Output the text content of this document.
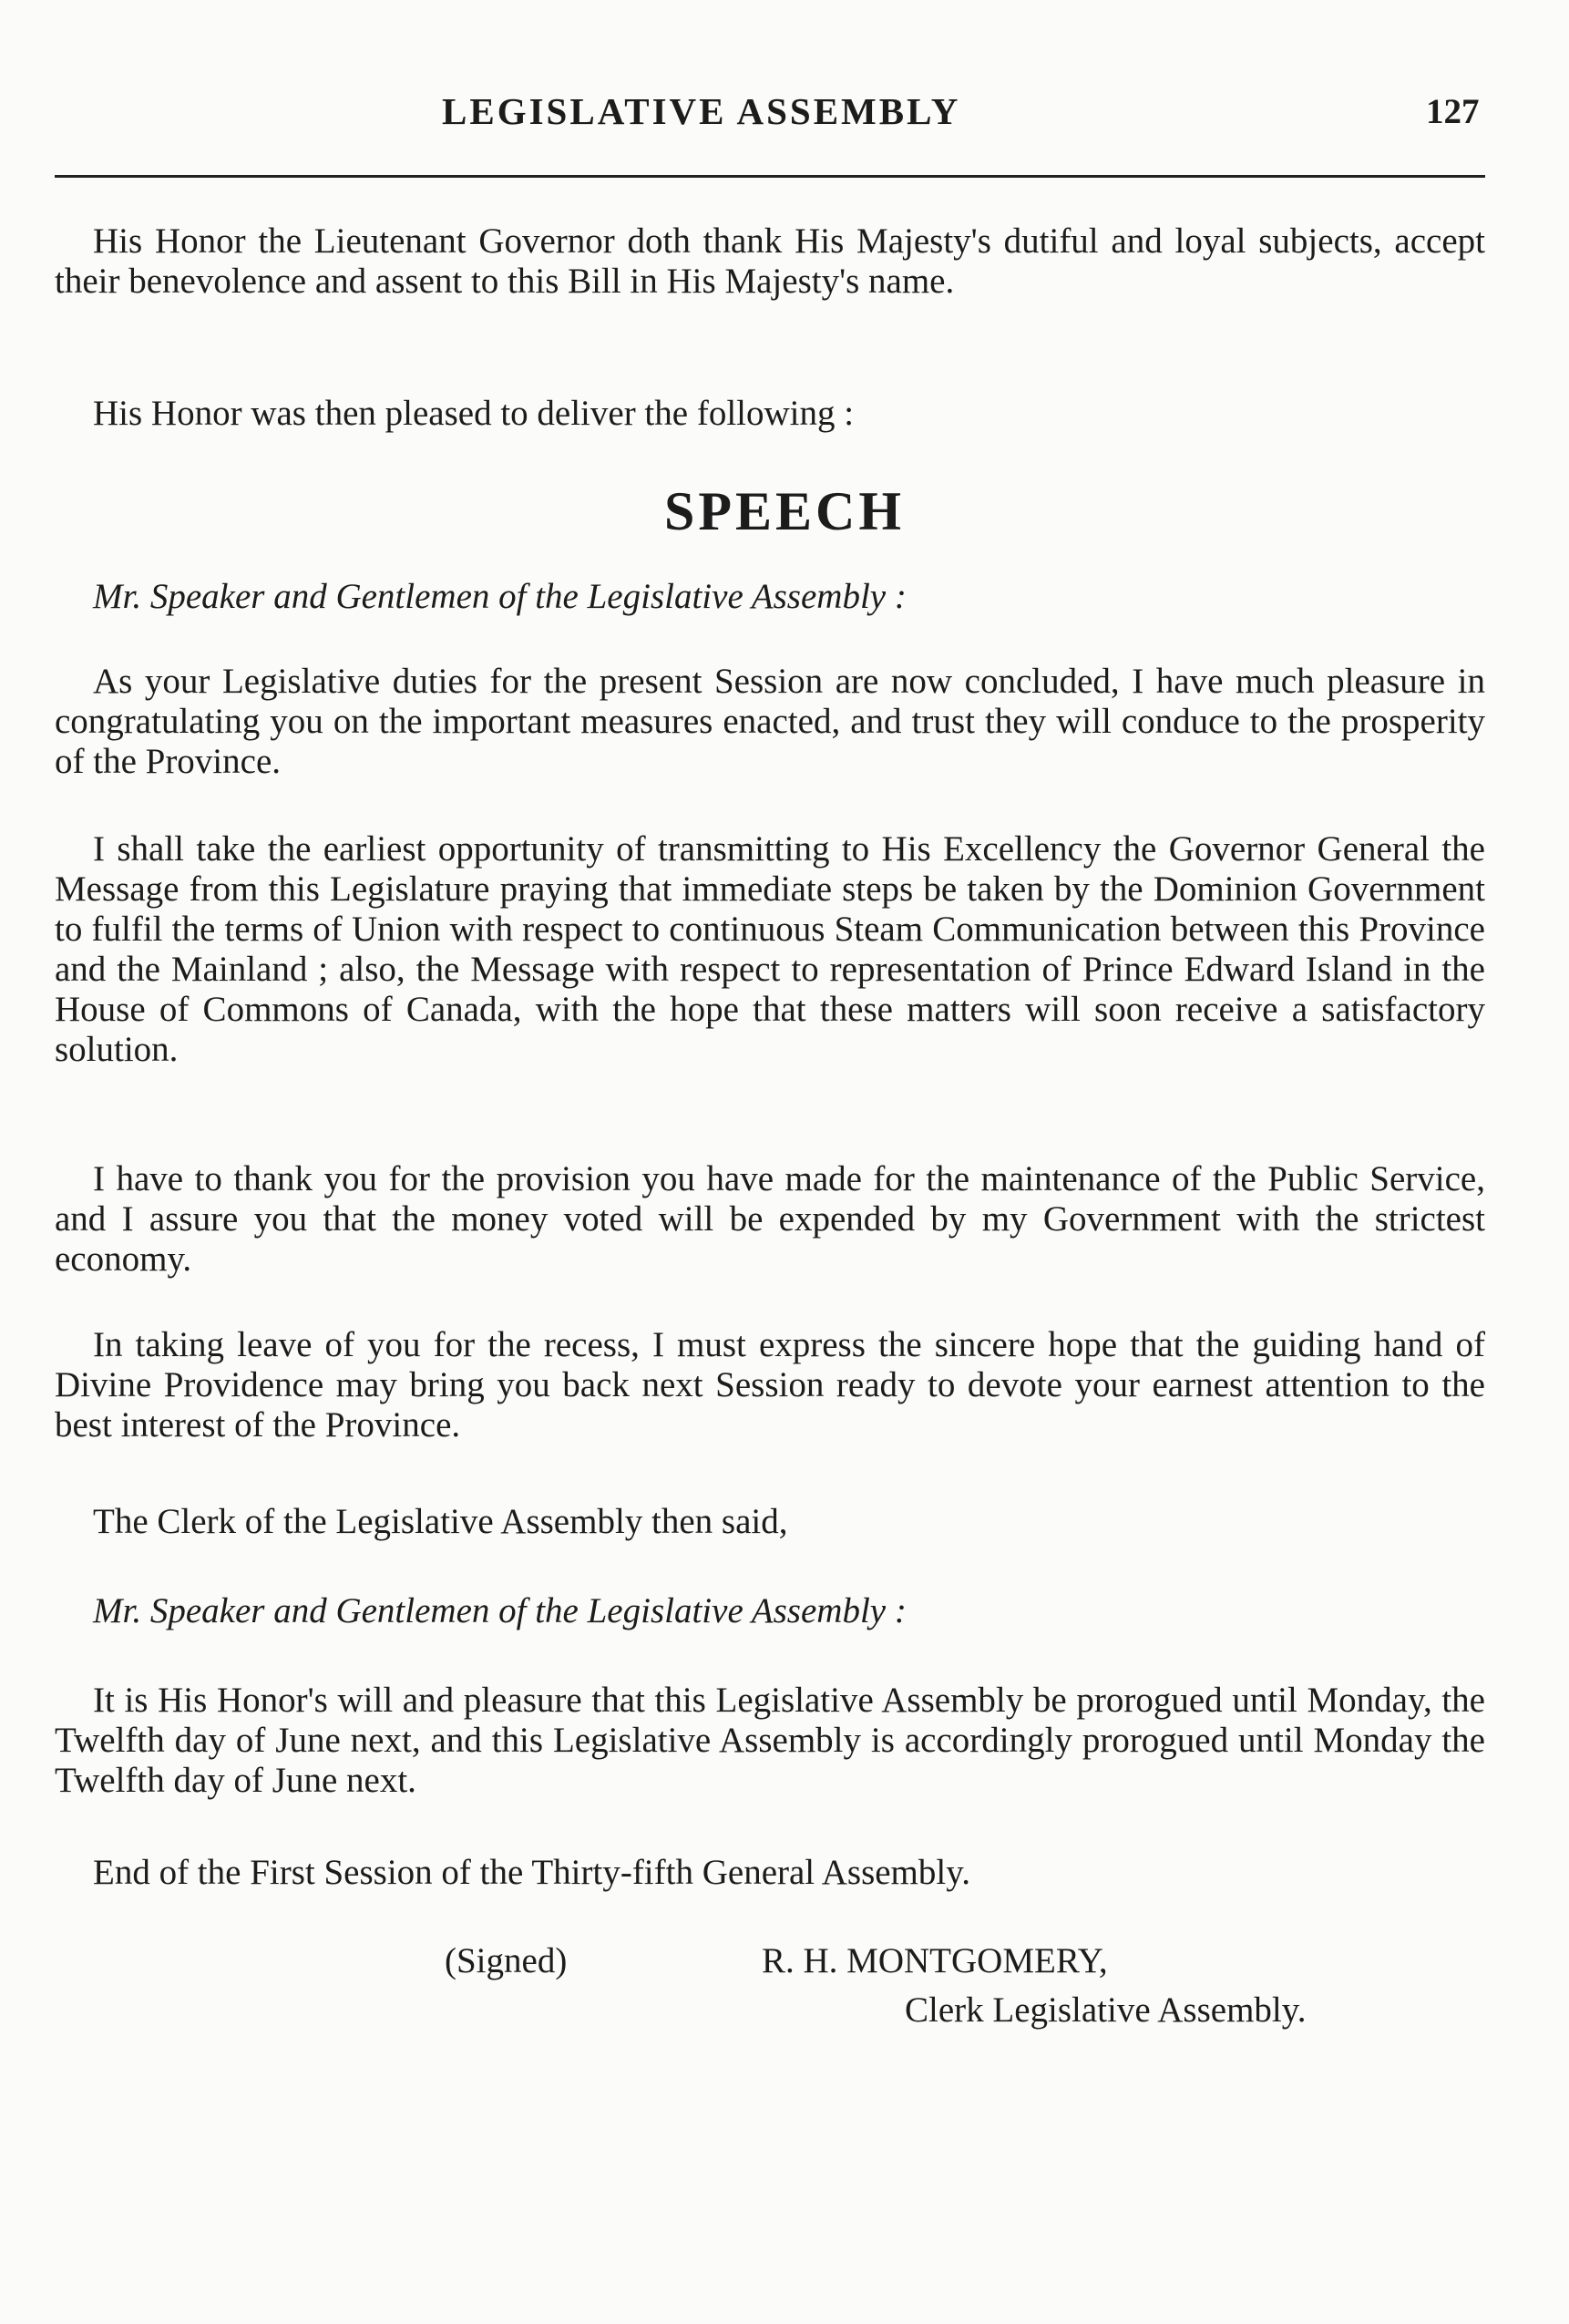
LEGISLATIVE ASSEMBLY	127

His Honor the Lieutenant Governor doth thank His Majesty's dutiful and loyal subjects, accept their benevolence and assent to this Bill in His Majesty's name.

His Honor was then pleased to deliver the following :

SPEECH

Mr. Speaker and Gentlemen of the Legislative Assembly :

As your Legislative duties for the present Session are now concluded, I have much pleasure in congratulating you on the important measures enacted, and trust they will conduce to the prosperity of the Province.

I shall take the earliest opportunity of transmitting to His Excellency the Governor General the Message from this Legislature praying that immediate steps be taken by the Dominion Government to fulfil the terms of Union with respect to continuous Steam Communication between this Province and the Mainland ; also, the Message with respect to representation of Prince Edward Island in the House of Commons of Canada, with the hope that these matters will soon receive a satisfactory solution.

I have to thank you for the provision you have made for the maintenance of the Public Service, and I assure you that the money voted will be expended by my Government with the strictest economy.

In taking leave of you for the recess, I must express the sincere hope that the guiding hand of Divine Providence may bring you back next Session ready to devote your earnest attention to the best interest of the Province.

The Clerk of the Legislative Assembly then said,

Mr. Speaker and Gentlemen of the Legislative Assembly :

It is His Honor's will and pleasure that this Legislative Assembly be prorogued until Monday, the Twelfth day of June next, and this Legislative Assembly is accordingly prorogued until Monday the Twelfth day of June next.

End of the First Session of the Thirty-fifth General Assembly.

(Signed)	R. H. MONTGOMERY,
Clerk Legislative Assembly.
